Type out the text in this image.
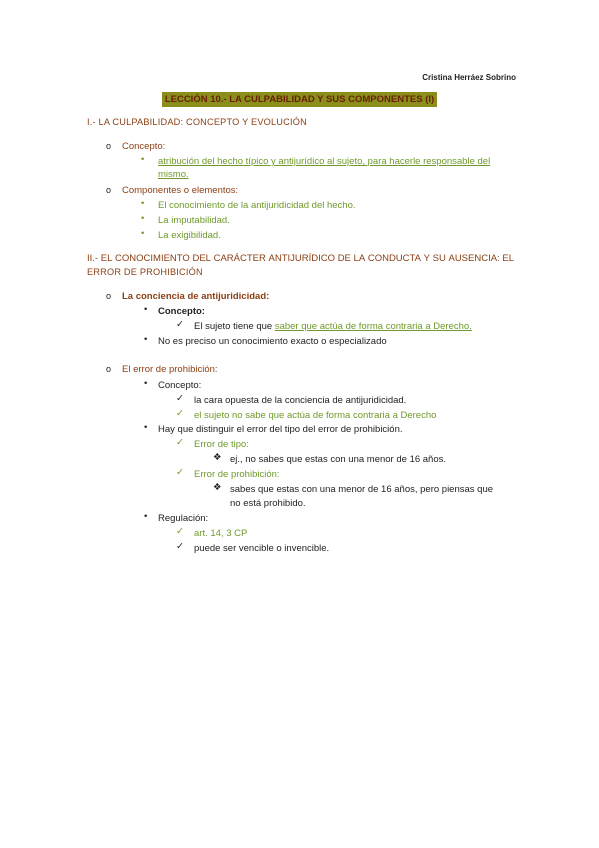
Cristina Herráez Sobrino
LECCIÓN 10.- LA CULPABILIDAD Y SUS COMPONENTES (I)
I.- LA CULPABILIDAD: CONCEPTO Y EVOLUCIÓN
o Concepto:
• atribución del hecho típico y antijurídico al sujeto, para hacerle responsable del
mismo.
o Componentes o elementos:
• El conocimiento de la antijuridicidad del hecho.
• La imputabilidad.
• La exigibilidad.
II.- EL CONOCIMIENTO DEL CARÁCTER ANTIJURÍDICO DE LA CONDUCTA Y SU AUSENCIA: EL
ERROR DE PROHIBICIÓN
o La conciencia de antijuridicidad:
• Concepto:
✓ El sujeto tiene que saber que actúa de forma contraria a Derecho.
• No es preciso un conocimiento exacto o especializado
o El error de prohibición:
• Concepto:
✓ la cara opuesta de la conciencia de antijuridicidad.
✓ el sujeto no sabe que actúa de forma contraria a Derecho
• Hay que distinguir el error del tipo del error de prohibición.
✓ Error de tipo:
❖ ej., no sabes que estas con una menor de 16 años.
✓ Error de prohibición:
❖ sabes que estas con una menor de 16 años, pero piensas que
no está prohibido.
• Regulación:
✓ art. 14, 3 CP
✓ puede ser vencible o invencible.
